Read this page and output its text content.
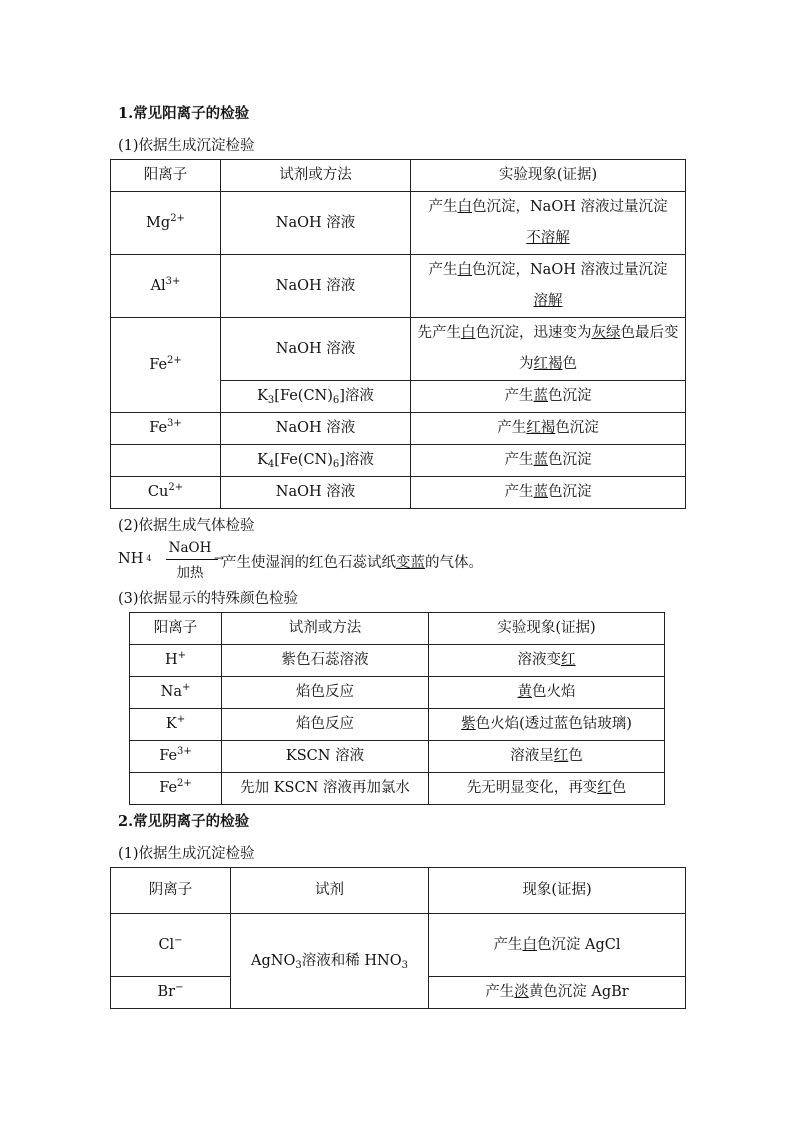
1.常见阳离子的检验
(1)依据生成沉淀检验
阳离子	试剂或方法	实验现象(证据)
$Mg^{2+}$	NaOH 溶液	产生白色沉淀，NaOH 溶液过量沉淀
不溶解
$Al^{3+}$	NaOH 溶液	产生白色沉淀，NaOH 溶液过量沉淀
溶解
$Fe^{2+}$	NaOH 溶液	先产生白色沉淀，迅速变为灰绿色最后变为红褐色
	$K_3[Fe(CN)_6]$溶液	产生蓝色沉淀
$Fe^{3+}$	NaOH 溶液	产生红褐色沉淀
	$K_4[Fe(CN)_6]$溶液	产生蓝色沉淀
$Cu^{2+}$	NaOH 溶液	产生蓝色沉淀
(2)依据生成气体检验
NH 4
NaOH
→
加热
产生使湿润的红色石蕊试纸变蓝的气体。
(3)依据显示的特殊颜色检验
阳离子	试剂或方法	实验现象(证据)
H+	紫色石蕊溶液	溶液变红
Na+	焰色反应	黄色火焰
K+	焰色反应	紫色火焰(透过蓝色钴玻璃)
$Fe^{3+}$	KSCN 溶液	溶液呈红色
$Fe^{2+}$	先加 KSCN 溶液再加氯水	先无明显变化，再变红色
2.常见阴离子的检验
(1)依据生成沉淀检验
阴离子	试剂	现象(证据)
Cl−	AgNO$_3$溶液和稀 $HNO_3$	产生白色沉淀 AgCl
Br−		产生淡黄色沉淀 AgBr
